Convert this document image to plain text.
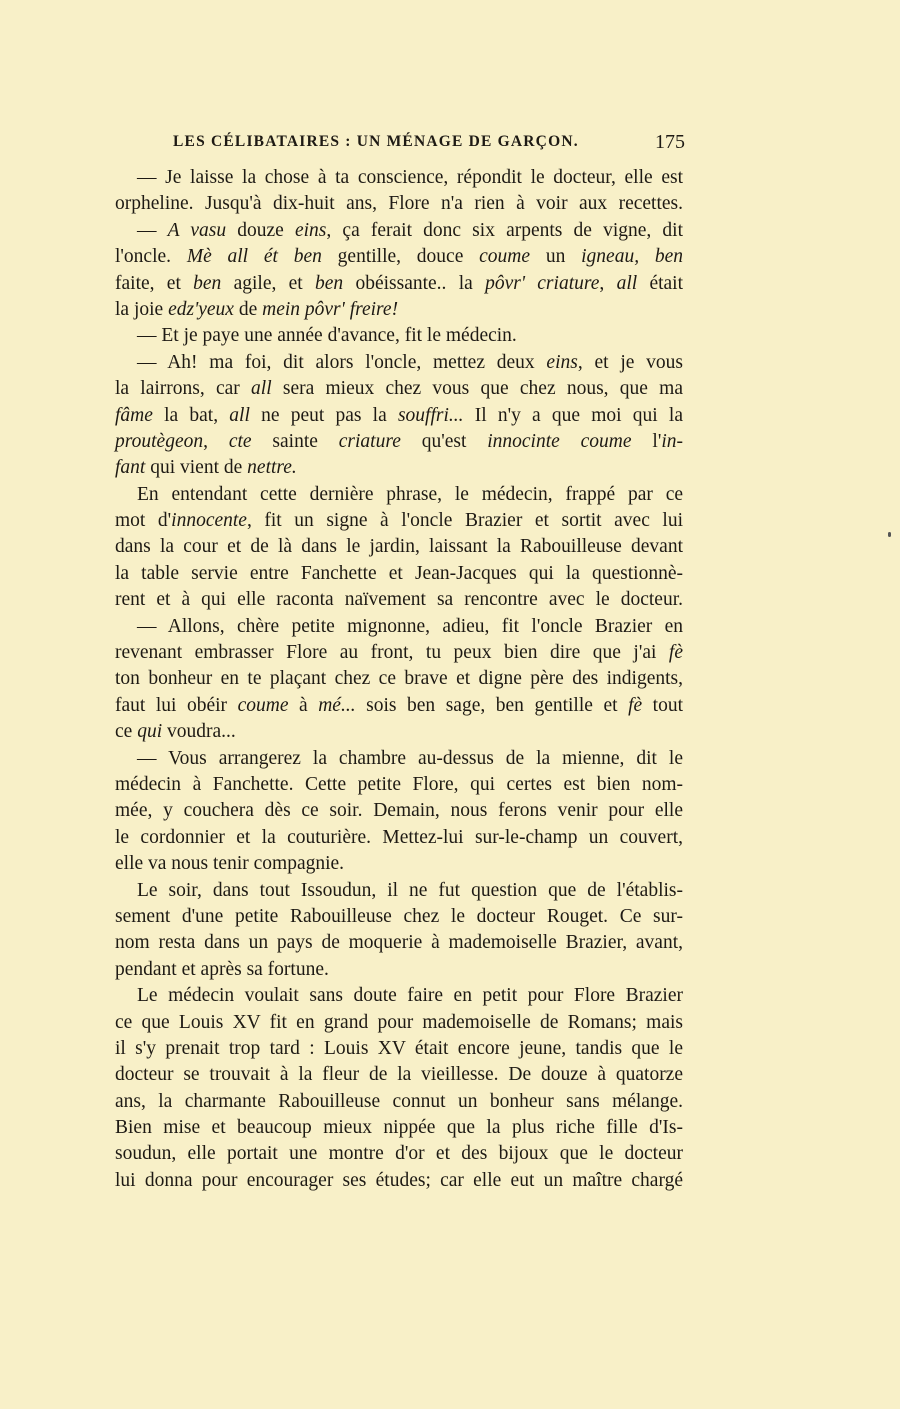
LES CÉLIBATAIRES : UN MÉNAGE DE GARÇON.	175
— Je laisse la chose à ta conscience, répondit le docteur, elle est
orpheline. Jusqu'à dix-huit ans, Flore n'a rien à voir aux recettes.
— A vasu douze eins, ça ferait donc six arpents de vigne, dit
l'oncle. Mè all ét ben gentille, douce coume un igneau, ben
faite, et ben agile, et ben obéissante.. la pôvr' criature, all était
la joie edz'yeux de mein pôvr' freire!
— Et je paye une année d'avance, fit le médecin.
— Ah! ma foi, dit alors l'oncle, mettez deux eins, et je vous
la lairrons, car all sera mieux chez vous que chez nous, que ma
fâme la bat, all ne peut pas la souffri... Il n'y a que moi qui la
proutègeon, cte sainte criature qu'est innocinte coume l'in-
fant qui vient de nettre.
En entendant cette dernière phrase, le médecin, frappé par ce
mot d'innocente, fit un signe à l'oncle Brazier et sortit avec lui
dans la cour et de là dans le jardin, laissant la Rabouilleuse devant
la table servie entre Fanchette et Jean-Jacques qui la questionnè-
rent et à qui elle raconta naïvement sa rencontre avec le docteur.
— Allons, chère petite mignonne, adieu, fit l'oncle Brazier en
revenant embrasser Flore au front, tu peux bien dire que j'ai fè
ton bonheur en te plaçant chez ce brave et digne père des indigents,
faut lui obéir coume à mé... sois ben sage, ben gentille et fè tout
ce qui voudra...
— Vous arrangerez la chambre au-dessus de la mienne, dit le
médecin à Fanchette. Cette petite Flore, qui certes est bien nom-
mée, y couchera dès ce soir. Demain, nous ferons venir pour elle
le cordonnier et la couturière. Mettez-lui sur-le-champ un couvert,
elle va nous tenir compagnie.
Le soir, dans tout Issoudun, il ne fut question que de l'établis-
sement d'une petite Rabouilleuse chez le docteur Rouget. Ce sur-
nom resta dans un pays de moquerie à mademoiselle Brazier, avant,
pendant et après sa fortune.
Le médecin voulait sans doute faire en petit pour Flore Brazier
ce que Louis XV fit en grand pour mademoiselle de Romans; mais
il s'y prenait trop tard : Louis XV était encore jeune, tandis que le
docteur se trouvait à la fleur de la vieillesse. De douze à quatorze
ans, la charmante Rabouilleuse connut un bonheur sans mélange.
Bien mise et beaucoup mieux nippée que la plus riche fille d'Is-
soudun, elle portait une montre d'or et des bijoux que le docteur
lui donna pour encourager ses études; car elle eut un maître chargé
